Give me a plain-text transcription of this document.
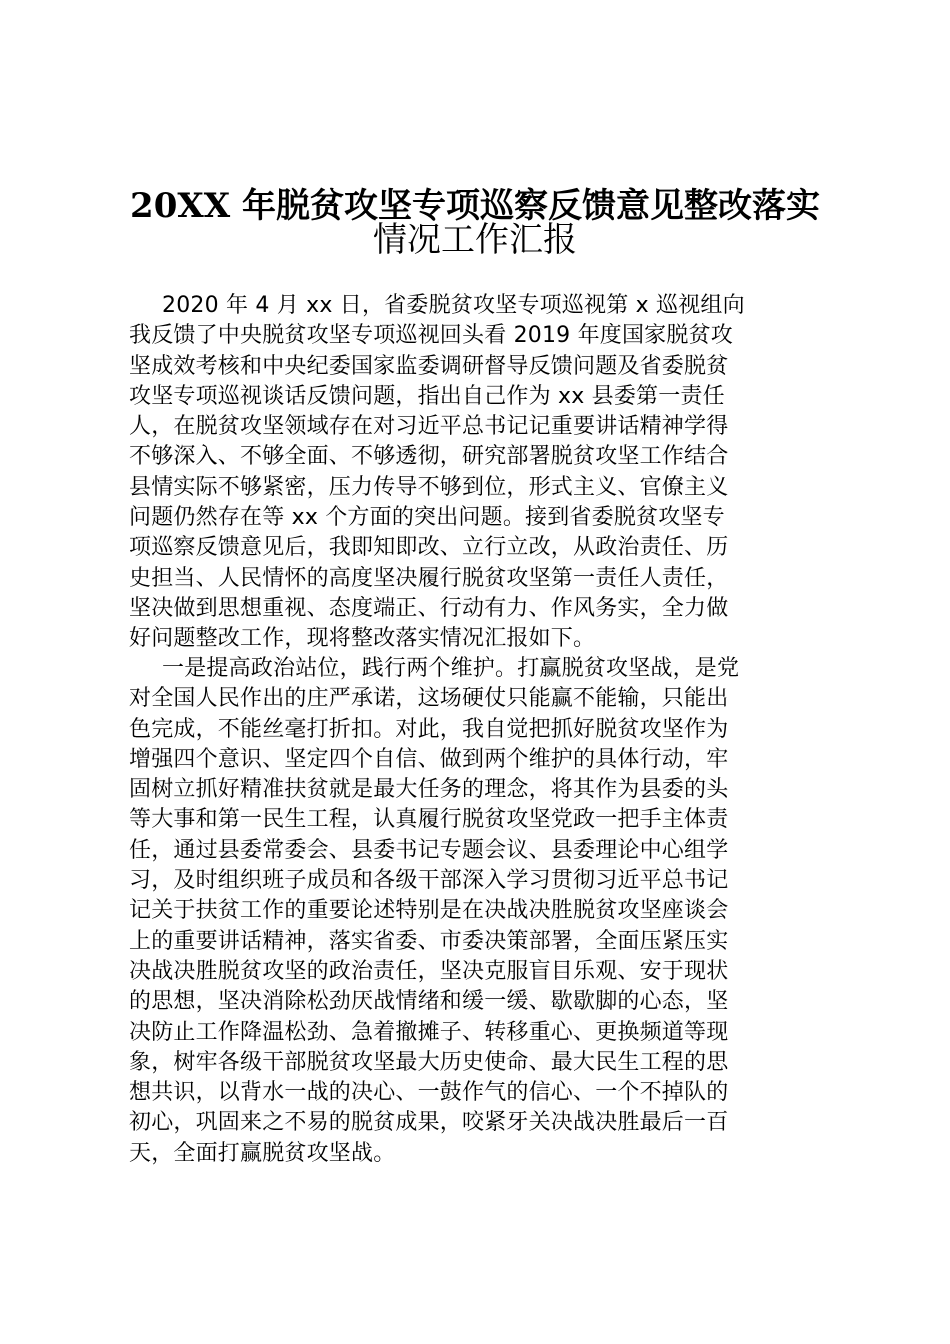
20XX 年脱贫攻坚专项巡察反馈意见整改落实
情况工作汇报
2020 年 4 月 xx 日，省委脱贫攻坚专项巡视第 x 巡视组向
我反馈了中央脱贫攻坚专项巡视回头看 2019 年度国家脱贫攻
坚成效考核和中央纪委国家监委调研督导反馈问题及省委脱贫
攻坚专项巡视谈话反馈问题，指出自己作为 xx 县委第一责任
人，在脱贫攻坚领域存在对习近平总书记记重要讲话精神学得
不够深入、不够全面、不够透彻，研究部署脱贫攻坚工作结合
县情实际不够紧密，压力传导不够到位，形式主义、官僚主义
问题仍然存在等 xx 个方面的突出问题。接到省委脱贫攻坚专
项巡察反馈意见后，我即知即改、立行立改，从政治责任、历
史担当、人民情怀的高度坚决履行脱贫攻坚第一责任人责任，
坚决做到思想重视、态度端正、行动有力、作风务实，全力做
好问题整改工作，现将整改落实情况汇报如下。
一是提高政治站位，践行两个维护。打赢脱贫攻坚战，是党
对全国人民作出的庄严承诺，这场硬仗只能赢不能输，只能出
色完成，不能丝毫打折扣。对此，我自觉把抓好脱贫攻坚作为
增强四个意识、坚定四个自信、做到两个维护的具体行动，牢
固树立抓好精准扶贫就是最大任务的理念，将其作为县委的头
等大事和第一民生工程，认真履行脱贫攻坚党政一把手主体责
任，通过县委常委会、县委书记专题会议、县委理论中心组学
习，及时组织班子成员和各级干部深入学习贯彻习近平总书记
记关于扶贫工作的重要论述特别是在决战决胜脱贫攻坚座谈会
上的重要讲话精神，落实省委、市委决策部署，全面压紧压实
决战决胜脱贫攻坚的政治责任，坚决克服盲目乐观、安于现状
的思想，坚决消除松劲厌战情绪和缓一缓、歇歇脚的心态，坚
决防止工作降温松劲、急着撤摊子、转移重心、更换频道等现
象，树牢各级干部脱贫攻坚最大历史使命、最大民生工程的思
想共识，以背水一战的决心、一鼓作气的信心、一个不掉队的
初心，巩固来之不易的脱贫成果，咬紧牙关决战决胜最后一百
天，全面打赢脱贫攻坚战。
